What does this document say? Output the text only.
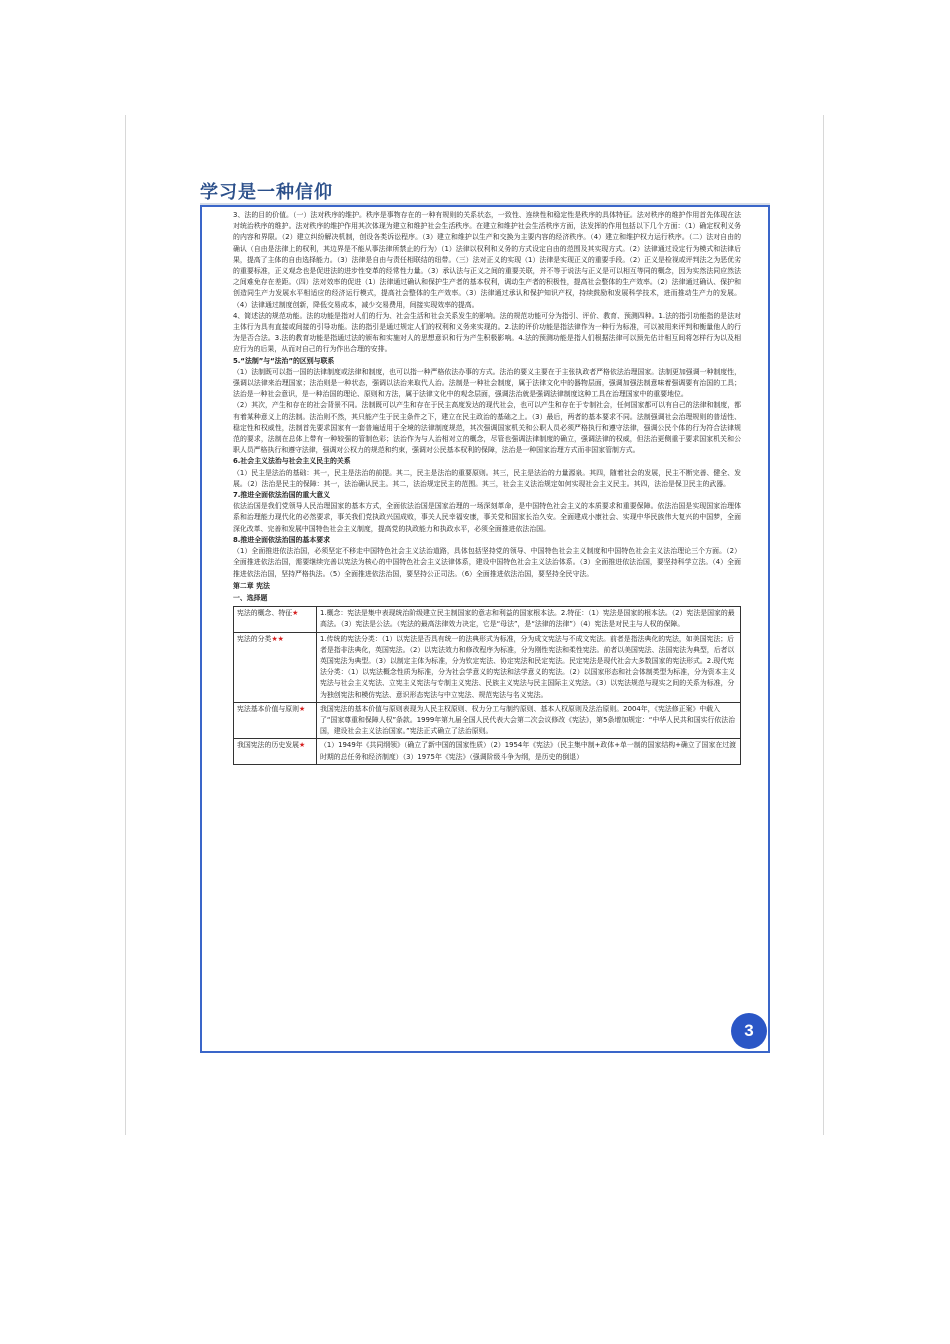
学习是一种信仰

3、法的目的价值。（一）法对秩序的维护。秩序是事物存在的一种有规则的关系状态，一致性、连续性和稳定性是秩序的具体特征。法对秩序的维护作用首先体现在法对统治秩序的维护。法对秩序的维护作用其次体现为建立和维护社会生活秩序。在建立和维护社会生活秩序方面，法发挥的作用包括以下几个方面：（1）确定权利义务的内容和界限。（2）建立纠纷解决机制，创设各类诉讼程序。（3）建立和维护以生产和交换为主要内容的经济秩序。（4）建立和维护权力运行秩序。（二）法对自由的确认（自由是法律上的权利，其边界是不能从事法律所禁止的行为）（1）法律以权利和义务的方式设定自由的范围及其实现方式。（2）法律通过设定行为模式和法律后果，提高了主体的自由选择能力。（3）法律是自由与责任相联结的纽带。（三）法对正义的实现（1）法律是实现正义的重要手段。（2）正义是检视或评判法之为恶优劣的重要标准，正义观念也是促进法的进步性变革的经常性力量。（3）承认法与正义之间的重要关联，并不等于说法与正义是可以相互等同的概念，因为实然法同应然法之间难免存在差距。（四）法对效率的促进（1）法律通过确认和保护生产者的基本权利，调动生产者的积极性，提高社会整体的生产效率。（2）法律通过确认、保护和创造同生产力发展水平相适应的经济运行模式，提高社会整体的生产效率。（3）法律通过承认和保护知识产权，持续鼓励和发展科学技术，进而推动生产力的发展。（4）法律通过制度创新，降低交易成本，减少交易费用，间接实现效率的提高。

4、简述法的规范功能。法的功能是指对人们的行为、社会生活和社会关系发生的影响。法的规范功能可分为指引、评价、教育、预测四种。1.法的指引功能指的是法对主体行为具有直接或间接的引导功能。法的指引是通过规定人们的权利和义务来实现的。2.法的评价功能是指法律作为一种行为标准，可以被用来评判和衡量他人的行为是否合法。3.法的教育功能是指通过法的颁布和实施对人的思想意识和行为产生积极影响。4.法的预测功能是指人们根据法律可以预先估计相互间将怎样行为以及相应行为的后果，从而对自己的行为作出合理的安排。

5.“法制”与“法治”的区别与联系

（1）法制既可以指一国的法律制度或法律和制度，也可以指一种严格依法办事的方式。法治的要义主要在于主张执政者严格依法治理国家。法制更加强调一种制度性，强调以法律来治理国家；法治则是一种状态，强调以法治来取代人治。法制是一种社会制度，属于法律文化中的器物层面，强调加强法制意味着强调要有治国的工具；法治是一种社会意识，是一种治国的理论、原则和方法，属于法律文化中的观念层面，强调法治就是强调法律制度这种工具在治理国家中的重要地位。

（2）其次，产生和存在的社会背景不同。法制既可以产生和存在于民主高度发达的现代社会，也可以产生和存在于专制社会，任何国家都可以有自己的法律和制度，都有着某种意义上的法制。法治则不然，其只能产生于民主条件之下，建立在民主政治的基础之上。（3）最后，两者的基本要求不同。法制强调社会治理规则的普适性、稳定性和权威性，法制首先要求国家有一套普遍适用于全境的法律制度规范，其次强调国家机关和公职人员必须严格执行和遵守法律，强调公民个体的行为符合法律规范的要求，法制在总体上带有一种较强的管制色彩；法治作为与人治相对立的概念，尽管也强调法律制度的确立，强调法律的权威，但法治更侧重于要求国家机关和公职人员严格执行和遵守法律，强调对公权力的规范和约束，强调对公民基本权利的保障，法治是一种国家治理方式而非国家管制方式。

6.社会主义法治与社会主义民主的关系

（1）民主是法治的基础：其一，民主是法治的前提。其二，民主是法治的重要原则。其三，民主是法治的力量源泉。其四，随着社会的发展，民主不断完善、健全、发展。（2）法治是民主的保障：其一，法治确认民主。其二，法治规定民主的范围。其三，社会主义法治规定如何实现社会主义民主。其四，法治是保卫民主的武器。

7.推进全面依法治国的重大意义

依法治国是我们党领导人民治理国家的基本方式，全面依法治国是国家治理的一场深刻革命，是中国特色社会主义的本质要求和重要保障。依法治国是实现国家治理体系和治理能力现代化的必然要求，事关我们党执政兴国成败，事关人民幸福安康，事关党和国家长治久安。全面建成小康社会、实现中华民族伟大复兴的中国梦，全面深化改革、完善和发展中国特色社会主义制度，提高党的执政能力和执政水平，必须全面推进依法治国。

8.推进全面依法治国的基本要求

（1）全面推进依法治国，必须坚定不移走中国特色社会主义法治道路，具体包括坚持党的领导、中国特色社会主义制度和中国特色社会主义法治理论三个方面。（2）全面推进依法治国，需要继续完善以宪法为核心的中国特色社会主义法律体系，建设中国特色社会主义法治体系。（3）全面推进依法治国，要坚持科学立法。（4）全面推进依法治国，坚持严格执法。（5）全面推进依法治国，要坚持公正司法。（6）全面推进依法治国，要坚持全民守法。

第二章 宪法

一、选择题

宪法的概念、特征★	1.概念：宪法是集中表现统治阶级建立民主制国家的意志和利益的国家根本法。2.特征：（1）宪法是国家的根本法。（2）宪法是国家的最高法。（3）宪法是公法。（宪法的最高法律效力决定，它是“母法”，是“法律的法律”）（4）宪法是对民主与人权的保障。
宪法的分类★★	1.传统的宪法分类：（1）以宪法是否具有统一的法典形式为标准，分为成文宪法与不成文宪法。前者是指法典化的宪法，如美国宪法；后者是指非法典化，英国宪法。（2）以宪法效力和修改程序为标准，分为刚性宪法和柔性宪法。前者以美国宪法、法国宪法为典型，后者以英国宪法为典型。（3）以制定主体为标准，分为钦定宪法、协定宪法和民定宪法。民定宪法是现代社会大多数国家的宪法形式。2.现代宪法分类：（1）以宪法概念性质为标准，分为社会学意义的宪法和法学意义的宪法。（2）以国家形态和社会体制类型为标准，分为资本主义宪法与社会主义宪法、立宪主义宪法与专制主义宪法、民族主义宪法与民主国际主义宪法。（3）以宪法规范与现实之间的关系为标准，分为独创宪法和模仿宪法、意识形态宪法与中立宪法、规范宪法与名义宪法。
宪法基本价值与原则★	我国宪法的基本价值与原则表现为人民主权原则、权力分工与制约原则、基本人权原则及法治原则。2004年，《宪法修正案》中载入了“国家尊重和保障人权”条款。1999年第九届全国人民代表大会第二次会议修改《宪法》，第5条增加规定：“中华人民共和国实行依法治国，建设社会主义法治国家。”宪法正式确立了法治原则。
我国宪法的历史发展★	（1）1949年《共同纲领》（确立了新中国的国家性质）（2）1954年《宪法》（民主集中制+政体+单一制的国家结构+确立了国家在过渡时期的总任务和经济制度）（3）1975年《宪法》（强调阶级斗争为纲，是历史的倒退）
3
